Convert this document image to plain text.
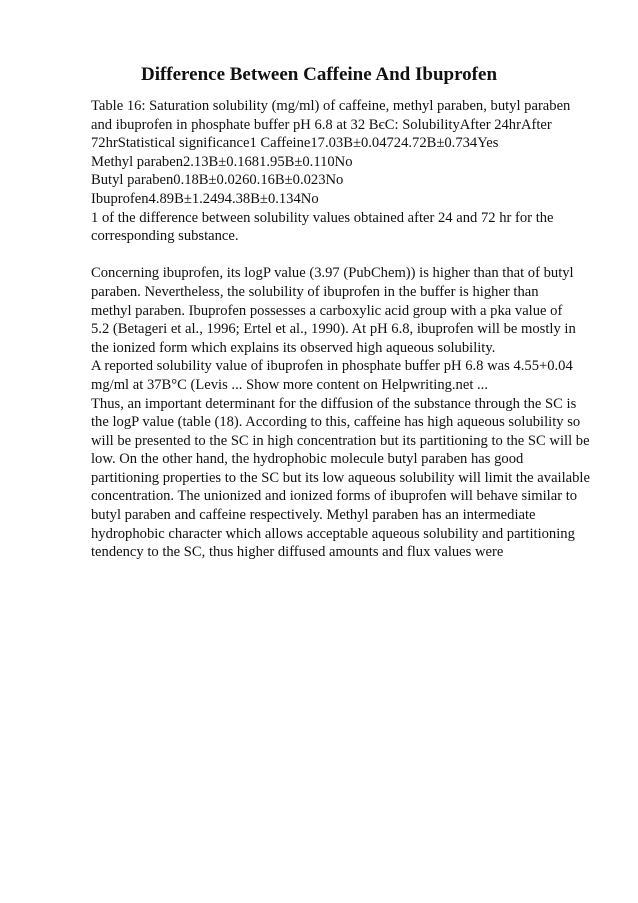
Difference Between Caffeine And Ibuprofen
Table 16: Saturation solubility (mg/ml) of caffeine, methyl paraben, butyl paraben
and ibuprofen in phosphate buffer pH 6.8 at 32 BєC: SolubilityAfter 24hrAfter
72hrStatistical significance1 Caffeine17.03B±0.04724.72B±0.734Yes
Methyl paraben2.13B±0.1681.95B±0.110No
Butyl paraben0.18B±0.0260.16B±0.023No
Ibuprofen4.89B±1.2494.38B±0.134No
1 of the difference between solubility values obtained after 24 and 72 hr for the
corresponding substance.
Concerning ibuprofen, its logP value (3.97 (PubChem)) is higher than that of butyl
paraben. Nevertheless, the solubility of ibuprofen in the buffer is higher than
methyl paraben. Ibuprofen possesses a carboxylic acid group with a pka value of
5.2 (Betageri et al., 1996; Ertel et al., 1990). At pH 6.8, ibuprofen will be mostly in
the ionized form which explains its observed high aqueous solubility.
A reported solubility value of ibuprofen in phosphate buffer pH 6.8 was 4.55+0.04
mg/ml at 37B°C (Levis ... Show more content on Helpwriting.net ...
Thus, an important determinant for the diffusion of the substance through the SC is
the logP value (table (18). According to this, caffeine has high aqueous solubility so
will be presented to the SC in high concentration but its partitioning to the SC will be
low. On the other hand, the hydrophobic molecule butyl paraben has good
partitioning properties to the SC but its low aqueous solubility will limit the available
concentration. The unionized and ionized forms of ibuprofen will behave similar to
butyl paraben and caffeine respectively. Methyl paraben has an intermediate
hydrophobic character which allows acceptable aqueous solubility and partitioning
tendency to the SC, thus higher diffused amounts and flux values were
